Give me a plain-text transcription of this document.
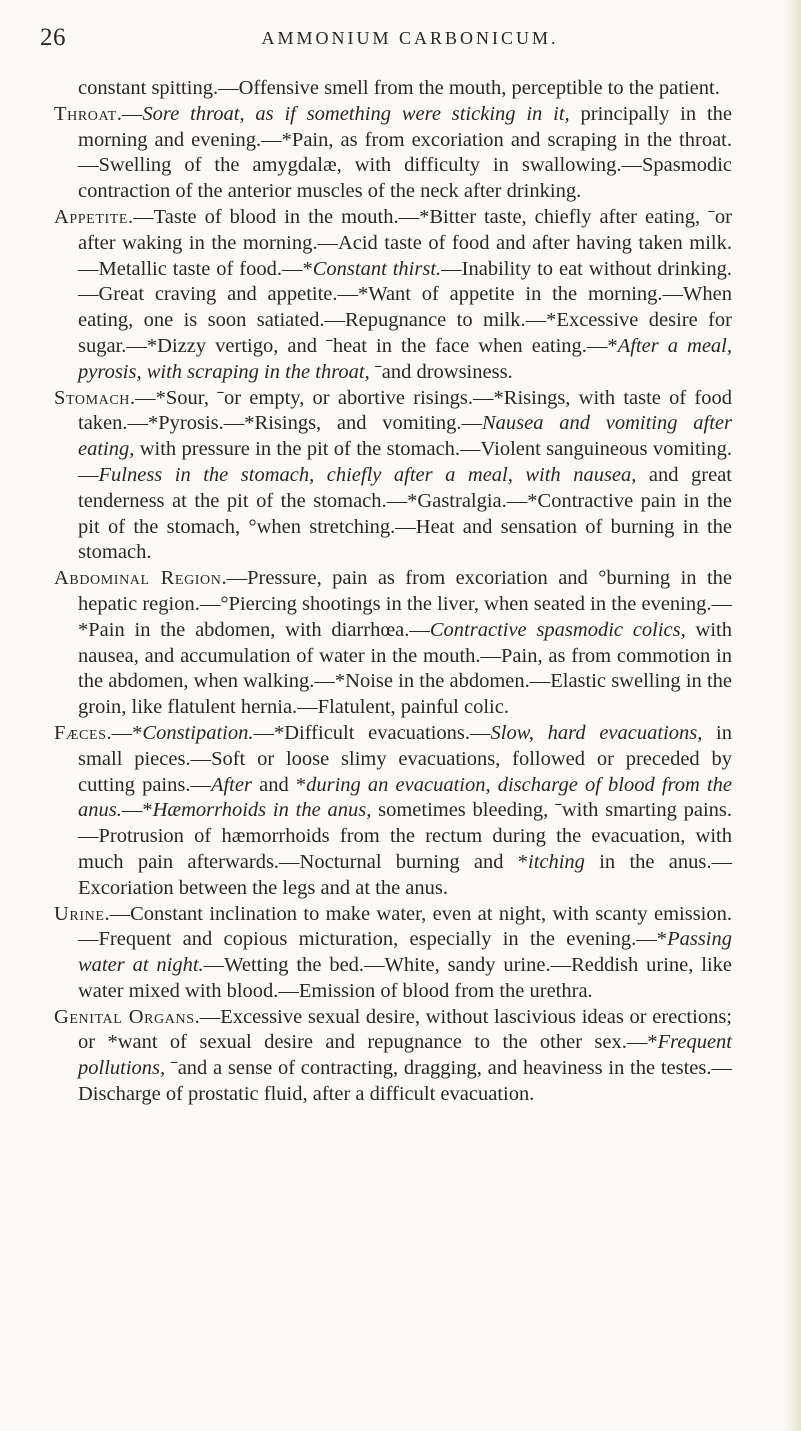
26	AMMONIUM CARBONICUM.

constant spitting.—Offensive smell from the mouth, perceptible to the patient.

Throat.—Sore throat, as if something were sticking in it, principally in the morning and evening.—*Pain, as from excoriation and scraping in the throat.—Swelling of the amygdalæ, with difficulty in swallowing.—Spasmodic contraction of the anterior muscles of the neck after drinking.

Appetite.—Taste of blood in the mouth.—*Bitter taste, chiefly after eating, ˉor after waking in the morning.—Acid taste of food and after having taken milk.—Metallic taste of food.—*Constant thirst.—Inability to eat without drinking.—Great craving and appetite.—*Want of appetite in the morning.—When eating, one is soon satiated.—Repugnance to milk.—*Excessive desire for sugar.—*Dizzy vertigo, and ˉheat in the face when eating.—*After a meal, pyrosis, with scraping in the throat, ˉand drowsiness.

Stomach.—*Sour, ˉor empty, or abortive risings.—*Risings, with taste of food taken.—*Pyrosis.—*Risings, and vomiting.—Nausea and vomiting after eating, with pressure in the pit of the stomach.—Violent sanguineous vomiting.—Fulness in the stomach, chiefly after a meal, with nausea, and great tenderness at the pit of the stomach.—*Gastralgia.—*Contractive pain in the pit of the stomach, °when stretching.—Heat and sensation of burning in the stomach.

Abdominal Region.—Pressure, pain as from excoriation and °burning in the hepatic region.—°Piercing shootings in the liver, when seated in the evening.—*Pain in the abdomen, with diarrhœa.—Contractive spasmodic colics, with nausea, and accumulation of water in the mouth.—Pain, as from commotion in the abdomen, when walking.—*Noise in the abdomen.—Elastic swelling in the groin, like flatulent hernia.—Flatulent, painful colic.

Fæces.—*Constipation.—*Difficult evacuations.—Slow, hard evacuations, in small pieces.—Soft or loose slimy evacuations, followed or preceded by cutting pains.—After and *during an evacuation, discharge of blood from the anus.—*Hæmorrhoids in the anus, sometimes bleeding, ˉwith smarting pains.—Protrusion of hæmorrhoids from the rectum during the evacuation, with much pain afterwards.—Nocturnal burning and *itching in the anus.—Excoriation between the legs and at the anus.

Urine.—Constant inclination to make water, even at night, with scanty emission.—Frequent and copious micturation, especially in the evening.—*Passing water at night.—Wetting the bed.—White, sandy urine.—Reddish urine, like water mixed with blood.—Emission of blood from the urethra.

Genital Organs.—Excessive sexual desire, without lascivious ideas or erections; or *want of sexual desire and repugnance to the other sex.—*Frequent pollutions, ˉand a sense of contracting, dragging, and heaviness in the testes.—Discharge of prostatic fluid, after a difficult evacuation.
